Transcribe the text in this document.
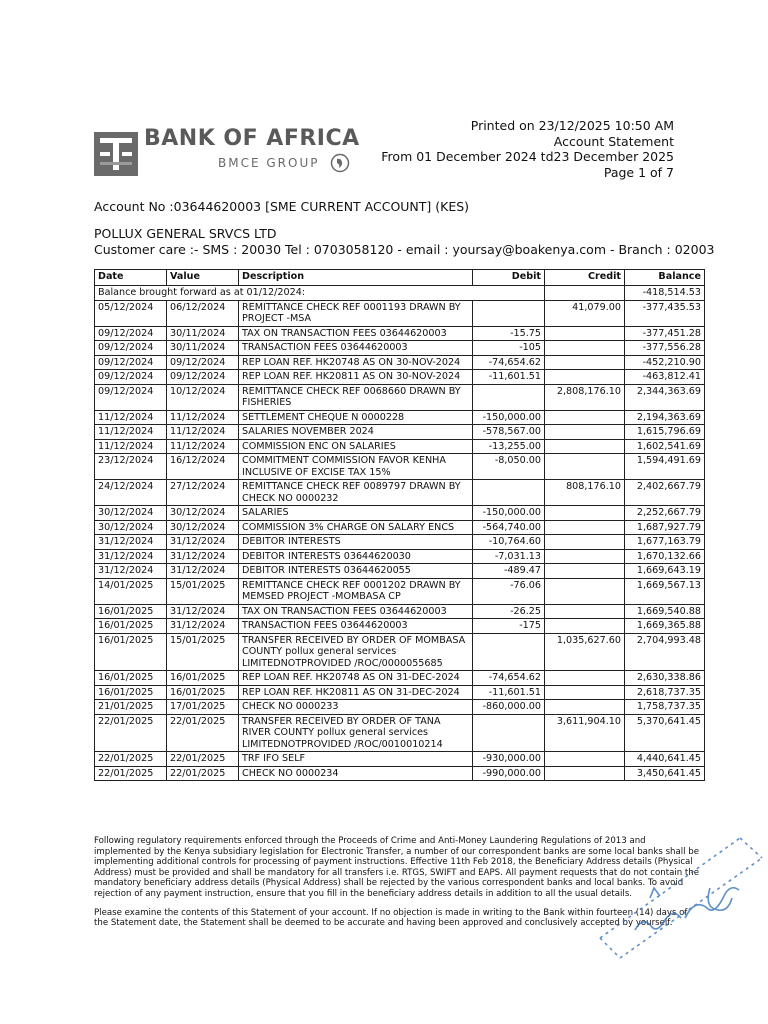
BANK OF AFRICA
BMCE GROUP
Printed on 23/12/2025 10:50 AM
Account Statement
From 01 December 2024 td23 December 2025
Page 1 of 7
Account No :03644620003 [SME CURRENT ACCOUNT] (KES)
POLLUX GENERAL SRVCS LTD
Customer care :- SMS : 20030 Tel : 0703058120 - email : yoursay@boakenya.com - Branch : 02003
Date	Value	Description	Debit	Credit	Balance
Balance brought forward as at 01/12/2024:					-418,514.53
05/12/2024	06/12/2024	REMITTANCE CHECK REF 0001193 DRAWN BY PROJECT -MSA		41,079.00	-377,435.53
09/12/2024	30/11/2024	TAX ON TRANSACTION FEES 03644620003	-15.75		-377,451.28
09/12/2024	30/11/2024	TRANSACTION FEES 03644620003	-105		-377,556.28
09/12/2024	09/12/2024	REP LOAN REF. HK20748 AS ON 30-NOV-2024	-74,654.62		-452,210.90
09/12/2024	09/12/2024	REP LOAN REF. HK20811 AS ON 30-NOV-2024	-11,601.51		-463,812.41
09/12/2024	10/12/2024	REMITTANCE CHECK REF 0068660 DRAWN BY FISHERIES		2,808,176.10	2,344,363.69
11/12/2024	11/12/2024	SETTLEMENT CHEQUE N 0000228	-150,000.00		2,194,363.69
11/12/2024	11/12/2024	SALARIES NOVEMBER 2024	-578,567.00		1,615,796.69
11/12/2024	11/12/2024	COMMISSION ENC ON SALARIES	-13,255.00		1,602,541.69
23/12/2024	16/12/2024	COMMITMENT COMMISSION FAVOR KENHA INCLUSIVE OF EXCISE TAX 15%	-8,050.00		1,594,491.69
24/12/2024	27/12/2024	REMITTANCE CHECK REF 0089797 DRAWN BY CHECK NO 0000232		808,176.10	2,402,667.79
30/12/2024	30/12/2024	SALARIES	-150,000.00		2,252,667.79
30/12/2024	30/12/2024	COMMISSION 3% CHARGE ON SALARY ENCS	-564,740.00		1,687,927.79
31/12/2024	31/12/2024	DEBITOR INTERESTS	-10,764.60		1,677,163.79
31/12/2024	31/12/2024	DEBITOR INTERESTS 03644620030	-7,031.13		1,670,132.66
31/12/2024	31/12/2024	DEBITOR INTERESTS 03644620055	-489.47		1,669,643.19
14/01/2025	15/01/2025	REMITTANCE CHECK REF 0001202 DRAWN BY MEMSED PROJECT -MOMBASA CP	-76.06		1,669,567.13
16/01/2025	31/12/2024	TAX ON TRANSACTION FEES 03644620003	-26.25		1,669,540.88
16/01/2025	31/12/2024	TRANSACTION FEES 03644620003	-175		1,669,365.88
16/01/2025	15/01/2025	TRANSFER RECEIVED BY ORDER OF MOMBASA COUNTY pollux general services LIMITEDNOTPROVIDED /ROC/0000055685		1,035,627.60	2,704,993.48
16/01/2025	16/01/2025	REP LOAN REF. HK20748 AS ON 31-DEC-2024	-74,654.62		2,630,338.86
16/01/2025	16/01/2025	REP LOAN REF. HK20811 AS ON 31-DEC-2024	-11,601.51		2,618,737.35
21/01/2025	17/01/2025	CHECK NO 0000233	-860,000.00		1,758,737.35
22/01/2025	22/01/2025	TRANSFER RECEIVED BY ORDER OF TANA RIVER COUNTY pollux general services LIMITEDNOTPROVIDED /ROC/0010010214		3,611,904.10	5,370,641.45
22/01/2025	22/01/2025	TRF IFO SELF	-930,000.00		4,440,641.45
22/01/2025	22/01/2025	CHECK NO 0000234	-990,000.00		3,450,641.45

Following regulatory requirements enforced through the Proceeds of Crime and Anti-Money Laundering Regulations of 2013 and implemented by the Kenya subsidiary legislation for Electronic Transfer, a number of our correspondent banks are some local banks shall be implementing additional controls for processing of payment instructions. Effective 11th Feb 2018, the Beneficiary Address details (Physical Address) must be provided and shall be mandatory for all transfers i.e. RTGS, SWIFT and EAPS. All payment requests that do not contain the mandatory beneficiary address details (Physical Address) shall be rejected by the various correspondent banks and local banks. To avoid rejection of any payment instruction, ensure that you fill in the beneficiary address details in addition to all the usual details.

Please examine the contents of this Statement of your account. If no objection is made in writing to the Bank within fourteen (14) days of the Statement date, the Statement shall be deemed to be accurate and having been approved and conclusively accepted by yourself.
